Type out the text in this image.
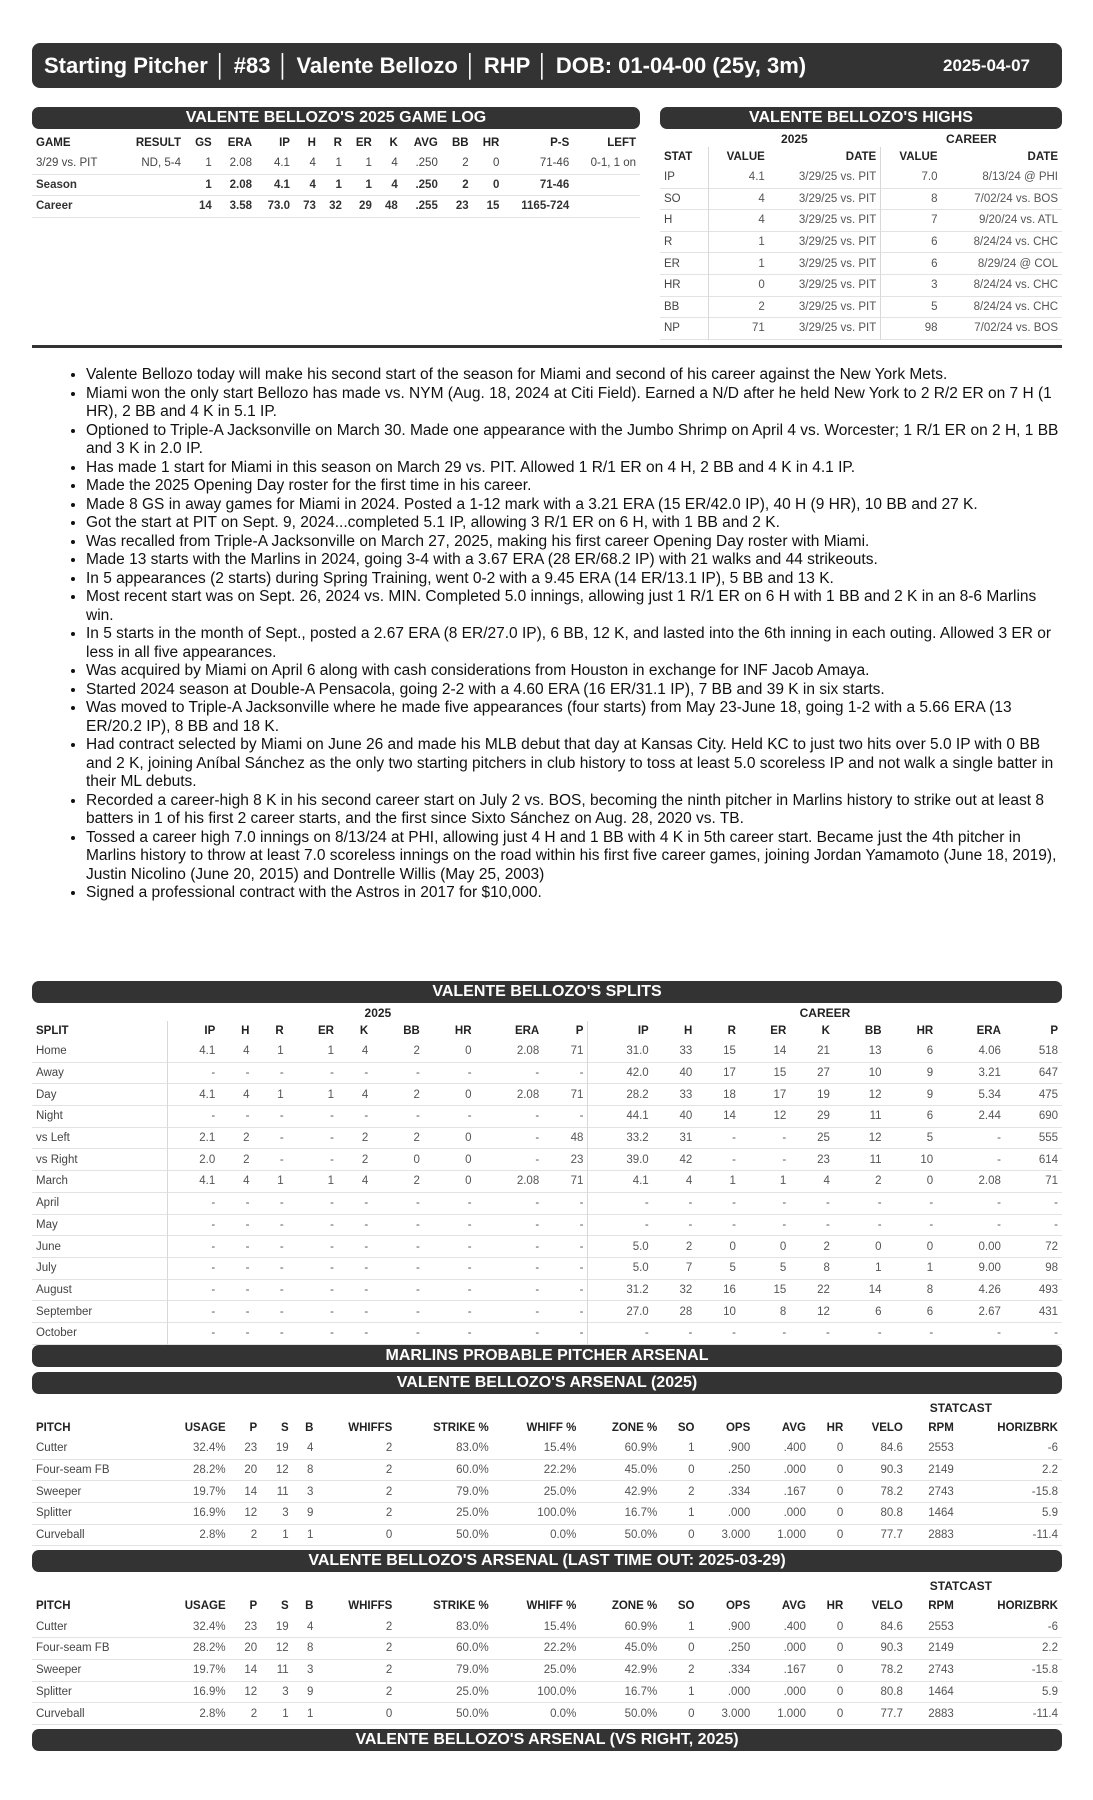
Starting Pitcher │ #83 │ Valente Bellozo │ RHP │ DOB: 01-04-00 (25y, 3m)	2025-04-07
VALENTE BELLOZO'S 2025 GAME LOG
GAME	RESULT	GS	ERA	IP	H	R	ER	K	AVG	BB	HR	P-S	LEFT
3/29 vs. PIT	ND, 5-4	1	2.08	4.1	4	1	1	4	.250	2	0	71-46	0-1, 1 on
Season		1	2.08	4.1	4	1	1	4	.250	2	0	71-46	
Career		14	3.58	73.0	73	32	29	48	.255	23	15	1165-724	
VALENTE BELLOZO'S HIGHS
	2025		CAREER	
STAT	VALUE	DATE	VALUE	DATE
IP	4.1	3/29/25 vs. PIT	7.0	8/13/24 @ PHI
SO	4	3/29/25 vs. PIT	8	7/02/24 vs. BOS
H	4	3/29/25 vs. PIT	7	9/20/24 vs. ATL
R	1	3/29/25 vs. PIT	6	8/24/24 vs. CHC
ER	1	3/29/25 vs. PIT	6	8/29/24 @ COL
HR	0	3/29/25 vs. PIT	3	8/24/24 vs. CHC
BB	2	3/29/25 vs. PIT	5	8/24/24 vs. CHC
NP	71	3/29/25 vs. PIT	98	7/02/24 vs. BOS
• Valente Bellozo today will make his second start of the season for Miami and second of his career against the New York Mets.
• Miami won the only start Bellozo has made vs. NYM (Aug. 18, 2024 at Citi Field). Earned a N/D after he held New York to 2 R/2 ER on 7 H (1 HR), 2 BB and 4 K in 5.1 IP.
• Optioned to Triple-A Jacksonville on March 30. Made one appearance with the Jumbo Shrimp on April 4 vs. Worcester; 1 R/1 ER on 2 H, 1 BB and 3 K in 2.0 IP.
• Has made 1 start for Miami in this season on March 29 vs. PIT. Allowed 1 R/1 ER on 4 H, 2 BB and 4 K in 4.1 IP.
• Made the 2025 Opening Day roster for the first time in his career.
• Made 8 GS in away games for Miami in 2024. Posted a 1-12 mark with a 3.21 ERA (15 ER/42.0 IP), 40 H (9 HR), 10 BB and 27 K.
• Got the start at PIT on Sept. 9, 2024...completed 5.1 IP, allowing 3 R/1 ER on 6 H, with 1 BB and 2 K.
• Was recalled from Triple-A Jacksonville on March 27, 2025, making his first career Opening Day roster with Miami.
• Made 13 starts with the Marlins in 2024, going 3-4 with a 3.67 ERA (28 ER/68.2 IP) with 21 walks and 44 strikeouts.
• In 5 appearances (2 starts) during Spring Training, went 0-2 with a 9.45 ERA (14 ER/13.1 IP), 5 BB and 13 K.
• Most recent start was on Sept. 26, 2024 vs. MIN. Completed 5.0 innings, allowing just 1 R/1 ER on 6 H with 1 BB and 2 K in an 8-6 Marlins win.
• In 5 starts in the month of Sept., posted a 2.67 ERA (8 ER/27.0 IP), 6 BB, 12 K, and lasted into the 6th inning in each outing. Allowed 3 ER or less in all five appearances.
• Was acquired by Miami on April 6 along with cash considerations from Houston in exchange for INF Jacob Amaya.
• Started 2024 season at Double-A Pensacola, going 2-2 with a 4.60 ERA (16 ER/31.1 IP), 7 BB and 39 K in six starts.
• Was moved to Triple-A Jacksonville where he made five appearances (four starts) from May 23-June 18, going 1-2 with a 5.66 ERA (13 ER/20.2 IP), 8 BB and 18 K.
• Had contract selected by Miami on June 26 and made his MLB debut that day at Kansas City. Held KC to just two hits over 5.0 IP with 0 BB and 2 K, joining Aníbal Sánchez as the only two starting pitchers in club history to toss at least 5.0 scoreless IP and not walk a single batter in their ML debuts.
• Recorded a career-high 8 K in his second career start on July 2 vs. BOS, becoming the ninth pitcher in Marlins history to strike out at least 8 batters in 1 of his first 2 career starts, and the first since Sixto Sánchez on Aug. 28, 2020 vs. TB.
• Tossed a career high 7.0 innings on 8/13/24 at PHI, allowing just 4 H and 1 BB with 4 K in 5th career start. Became just the 4th pitcher in Marlins history to throw at least 7.0 scoreless innings on the road within his first five career games, joining Jordan Yamamoto (June 18, 2019), Justin Nicolino (June 20, 2015) and Dontrelle Willis (May 25, 2003)
• Signed a professional contract with the Astros in 2017 for $10,000.
VALENTE BELLOZO'S SPLITS
	2025									CAREER								
SPLIT	IP	H	R	ER	K	BB	HR	ERA	P	IP	H	R	ER	K	BB	HR	ERA	P
Home	4.1	4	1	1	4	2	0	2.08	71	31.0	33	15	14	21	13	6	4.06	518
Away	-	-	-	-	-	-	-	-	-	42.0	40	17	15	27	10	9	3.21	647
Day	4.1	4	1	1	4	2	0	2.08	71	28.2	33	18	17	19	12	9	5.34	475
Night	-	-	-	-	-	-	-	-	-	44.1	40	14	12	29	11	6	2.44	690
vs Left	2.1	2	-	-	2	2	0	-	48	33.2	31	-	-	25	12	5	-	555
vs Right	2.0	2	-	-	2	0	0	-	23	39.0	42	-	-	23	11	10	-	614
March	4.1	4	1	1	4	2	0	2.08	71	4.1	4	1	1	4	2	0	2.08	71
April	-	-	-	-	-	-	-	-	-	-	-	-	-	-	-	-	-	-
May	-	-	-	-	-	-	-	-	-	-	-	-	-	-	-	-	-	-
June	-	-	-	-	-	-	-	-	-	5.0	2	0	0	2	0	0	0.00	72
July	-	-	-	-	-	-	-	-	-	5.0	7	5	5	8	1	1	9.00	98
August	-	-	-	-	-	-	-	-	-	31.2	32	16	15	22	14	8	4.26	493
September	-	-	-	-	-	-	-	-	-	27.0	28	10	8	12	6	6	2.67	431
October	-	-	-	-	-	-	-	-	-	-	-	-	-	-	-	-	-	-
MARLINS PROBABLE PITCHER ARSENAL
VALENTE BELLOZO'S ARSENAL (2025)
STATCAST
PITCH	USAGE	P	S	B	WHIFFS	STRIKE %	WHIFF %	ZONE %	SO	OPS	AVG	HR	VELO	RPM	HORIZBRK
Cutter	32.4%	23	19	4	2	83.0%	15.4%	60.9%	1	.900	.400	0	84.6	2553	-6
Four-seam FB	28.2%	20	12	8	2	60.0%	22.2%	45.0%	0	.250	.000	0	90.3	2149	2.2
Sweeper	19.7%	14	11	3	2	79.0%	25.0%	42.9%	2	.334	.167	0	78.2	2743	-15.8
Splitter	16.9%	12	3	9	2	25.0%	100.0%	16.7%	1	.000	.000	0	80.8	1464	5.9
Curveball	2.8%	2	1	1	0	50.0%	0.0%	50.0%	0	3.000	1.000	0	77.7	2883	-11.4
VALENTE BELLOZO'S ARSENAL (LAST TIME OUT: 2025-03-29)
STATCAST
PITCH	USAGE	P	S	B	WHIFFS	STRIKE %	WHIFF %	ZONE %	SO	OPS	AVG	HR	VELO	RPM	HORIZBRK
Cutter	32.4%	23	19	4	2	83.0%	15.4%	60.9%	1	.900	.400	0	84.6	2553	-6
Four-seam FB	28.2%	20	12	8	2	60.0%	22.2%	45.0%	0	.250	.000	0	90.3	2149	2.2
Sweeper	19.7%	14	11	3	2	79.0%	25.0%	42.9%	2	.334	.167	0	78.2	2743	-15.8
Splitter	16.9%	12	3	9	2	25.0%	100.0%	16.7%	1	.000	.000	0	80.8	1464	5.9
Curveball	2.8%	2	1	1	0	50.0%	0.0%	50.0%	0	3.000	1.000	0	77.7	2883	-11.4
VALENTE BELLOZO'S ARSENAL (VS RIGHT, 2025)
